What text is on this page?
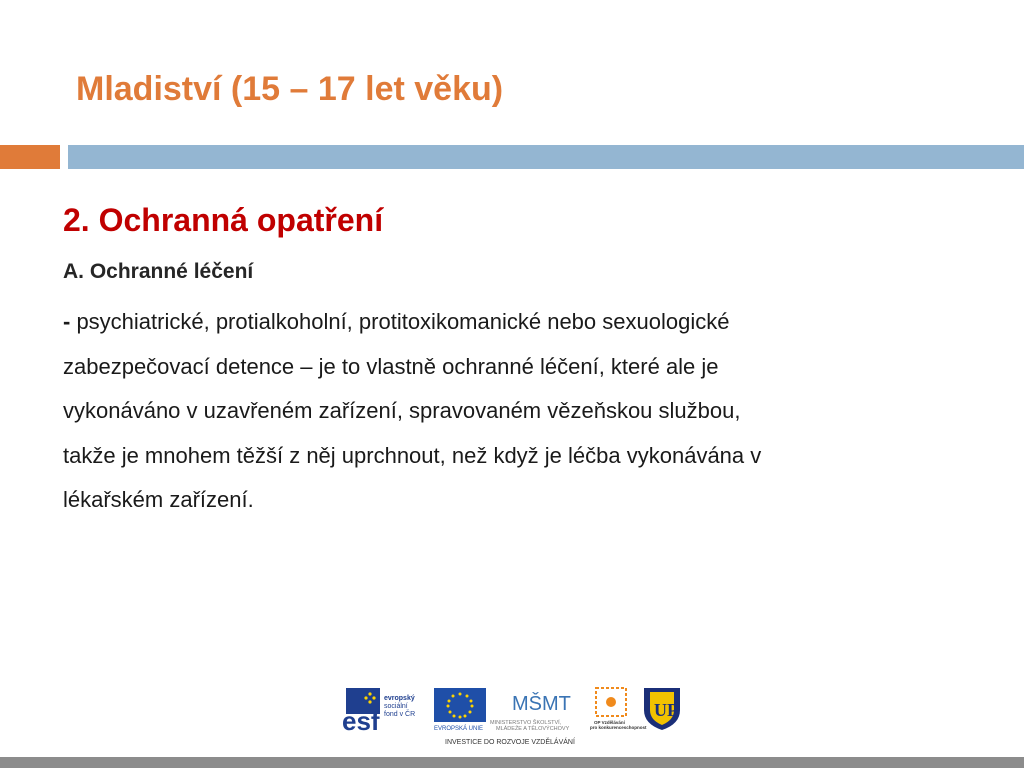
Mladiství (15 – 17 let věku)
2. Ochranná opatření
A. Ochranné léčení
- psychiatrické, protialkoholní, protitoxikomanické nebo sexuologické
zabezpečovací detence – je to vlastně ochranné léčení, které ale je
vykonáváno v uzavřeném zařízení, spravovaném vězeňskou službou,
takže je mnohem těžší z něj uprchnout, než když je léčba vykonávána v
lékařském zařízení.
esf
evropský
sociální
fond v ČR
EVROPSKÁ UNIE
MŠMT
MINISTERSTVO ŠKOLSTVÍ,
MLÁDEŽE A TĚLOVÝCHOVY
OP Vzdělávání
pro konkurenceschopnost
UP
INVESTICE DO ROZVOJE VZDĚLÁVÁNÍ
